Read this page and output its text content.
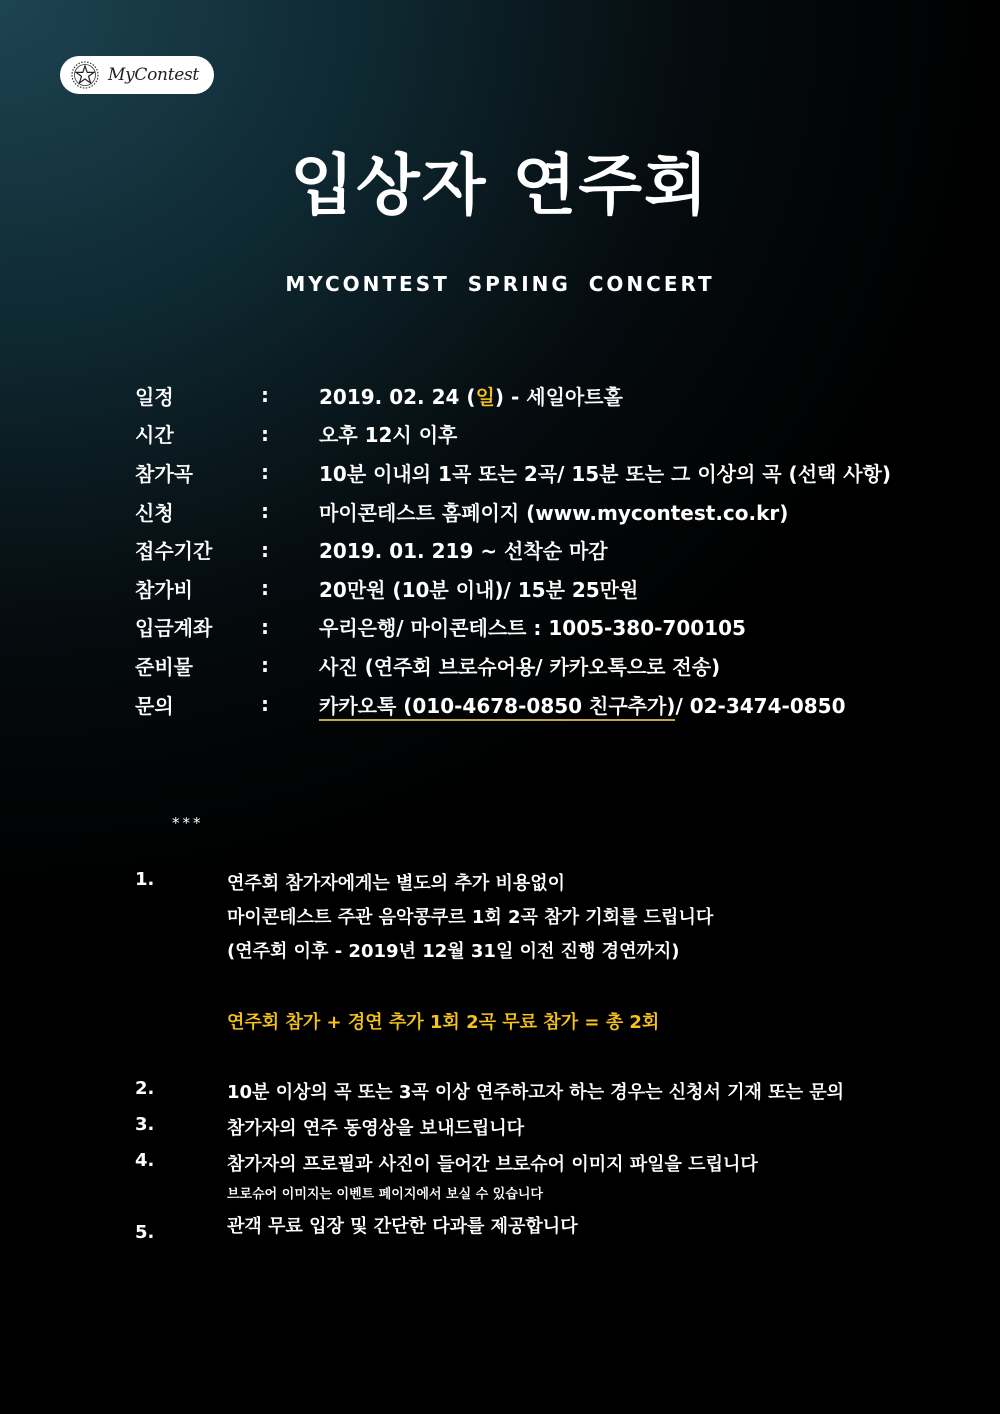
MyContest
입상자 연주회
MYCONTEST SPRING CONCERT
일정	:	2019. 02. 24 (일) - 세일아트홀
시간	:	오후 12시 이후
참가곡	:	10분 이내의 1곡 또는 2곡/ 15분 또는 그 이상의 곡 (선택 사항)
신청	:	마이콘테스트 홈페이지 (www.mycontest.co.kr)
접수기간	:	2019. 01. 219 ~ 선착순 마감
참가비	:	20만원 (10분 이내)/ 15분 25만원
입금계좌	:	우리은행/ 마이콘테스트 : 1005-380-700105
준비물	:	사진 (연주회 브로슈어용/ 카카오톡으로 전송)
문의	:	카카오톡 (010-4678-0850 친구추가)/ 02-3474-0850
***
1.	연주회 참가자에게는 별도의 추가 비용없이
마이콘테스트 주관 음악콩쿠르 1회 2곡 참가 기회를 드립니다
(연주회 이후 - 2019년 12월 31일 이전 진행 경연까지)
연주회 참가 + 경연 추가 1회 2곡 무료 참가 = 총 2회
2.	10분 이상의 곡 또는 3곡 이상 연주하고자 하는 경우는 신청서 기재 또는 문의
3.	참가자의 연주 동영상을 보내드립니다
4.	참가자의 프로필과 사진이 들어간 브로슈어 이미지 파일을 드립니다
브로슈어 이미지는 이벤트 페이지에서 보실 수 있습니다
5.	관객 무료 입장 및 간단한 다과를 제공합니다
